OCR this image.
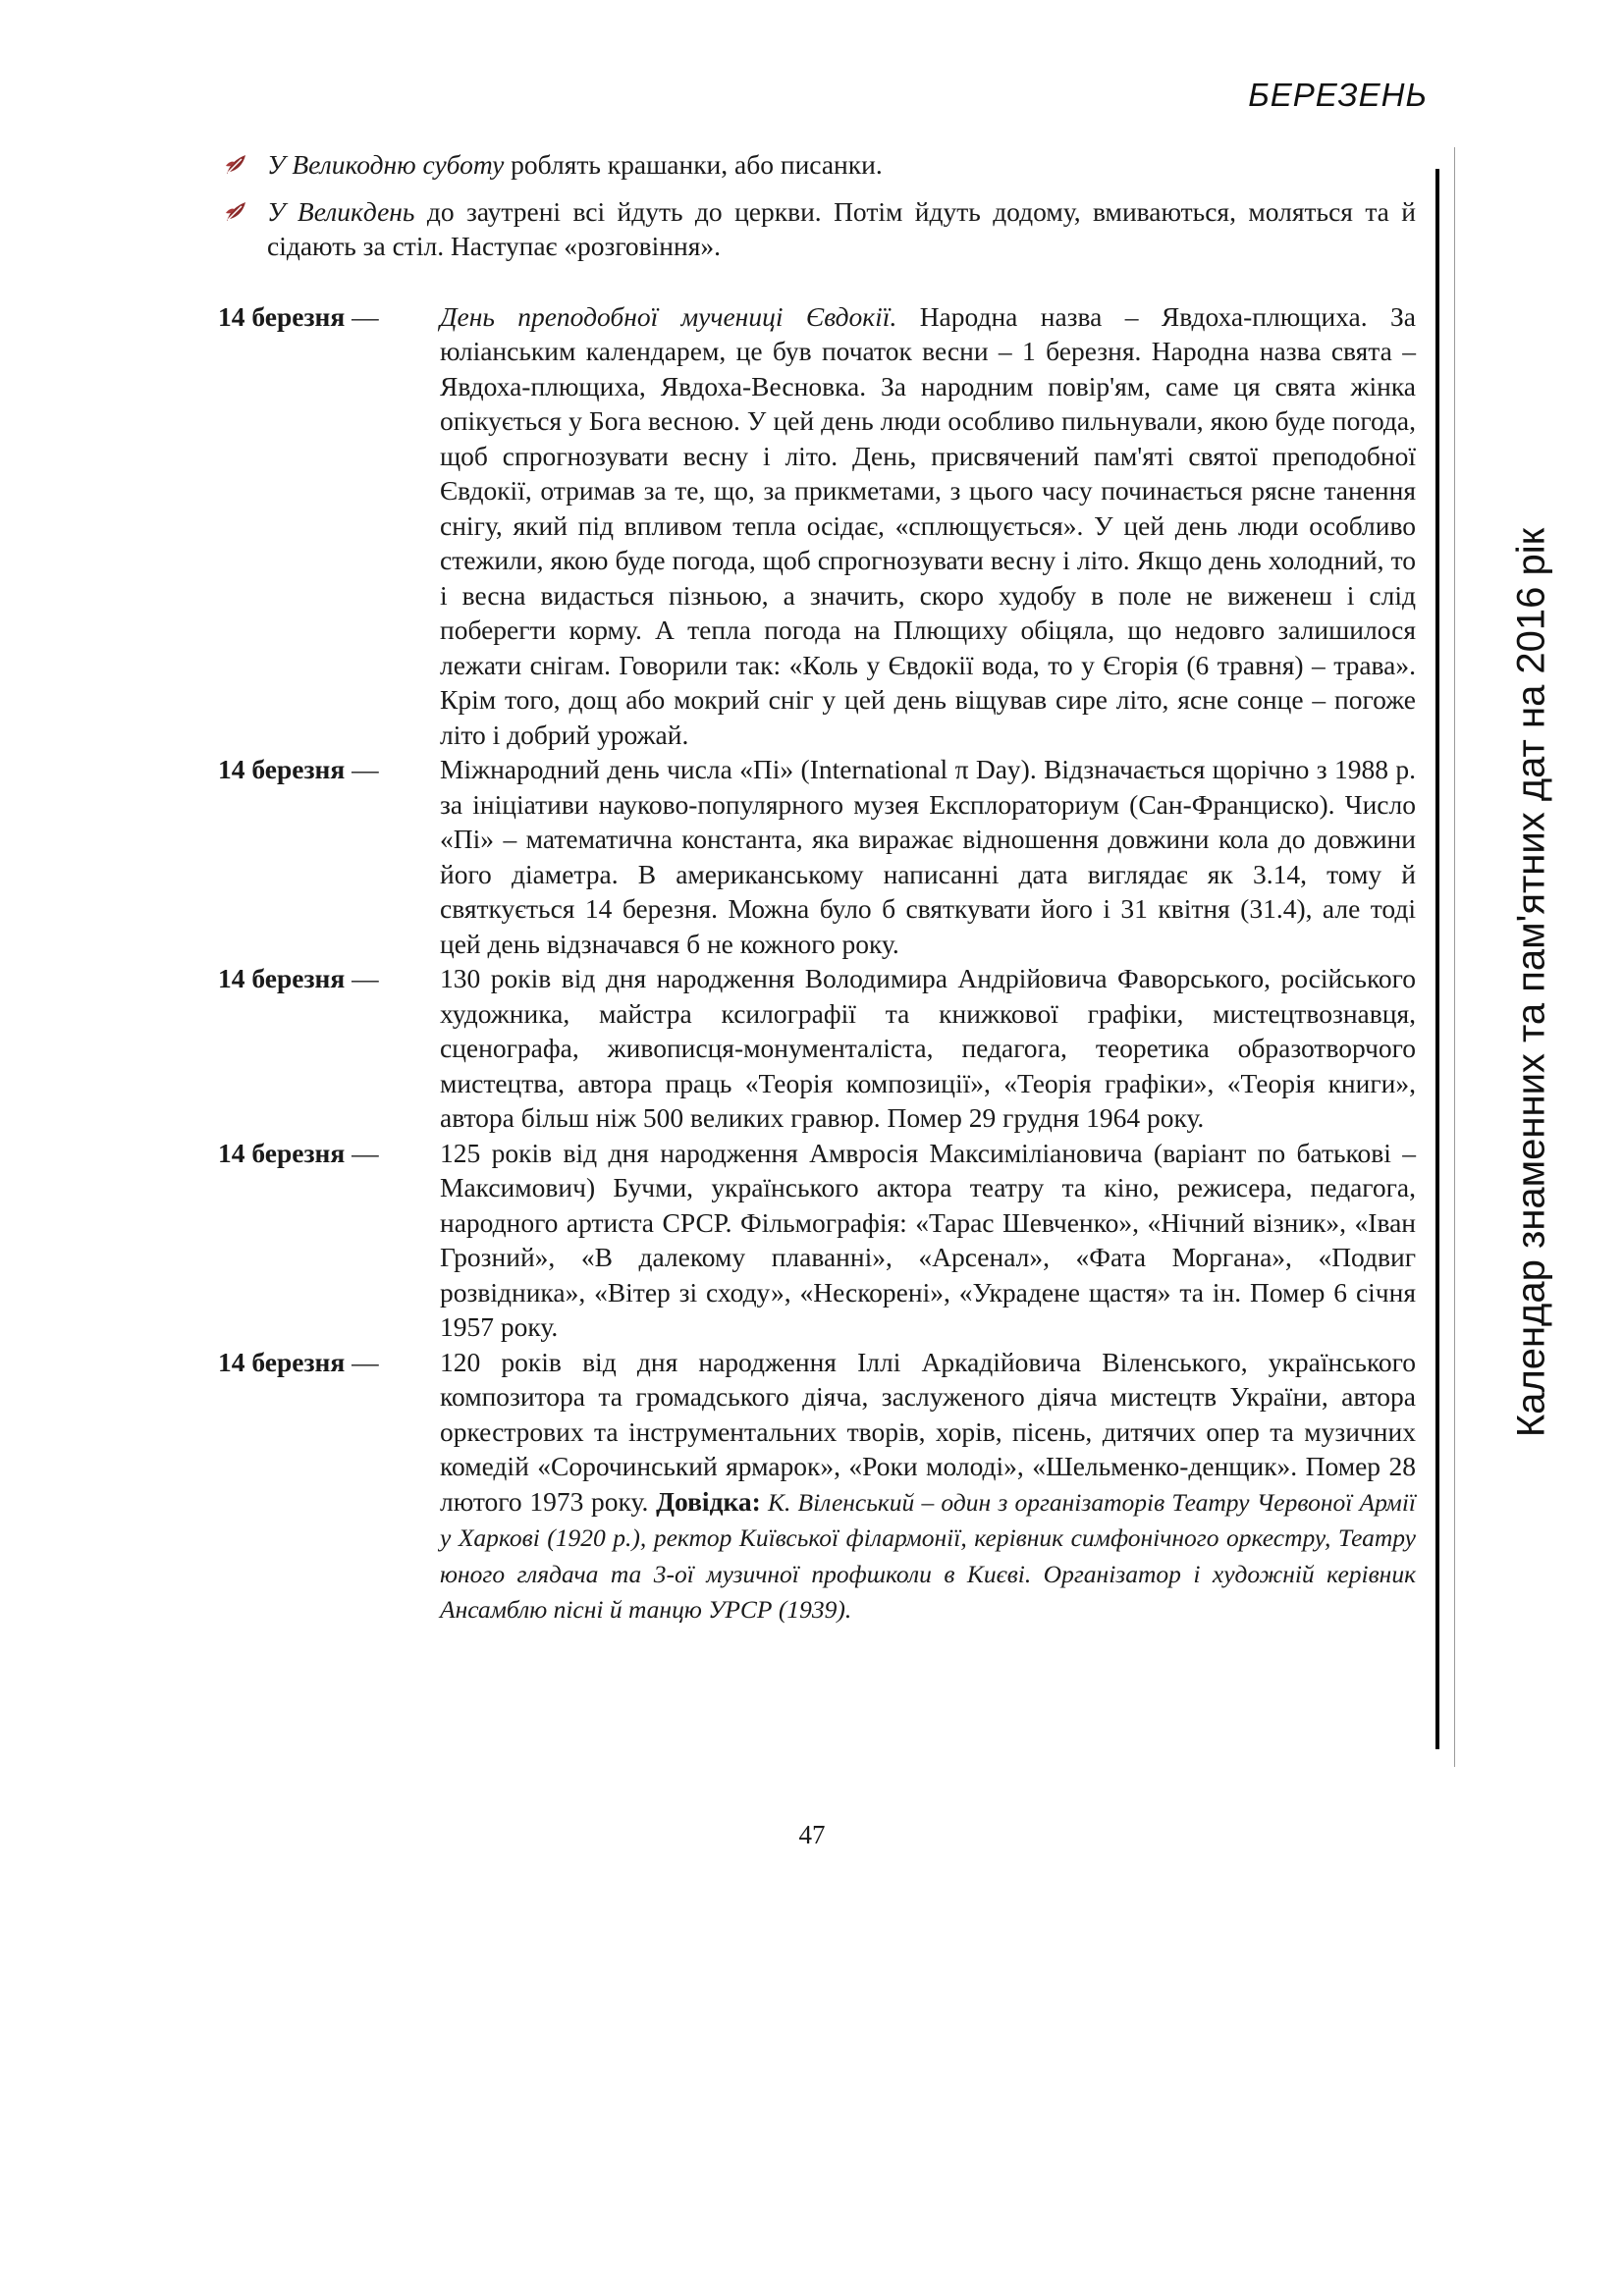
БЕРЕЗЕНЬ
Календар знаменних та пам'ятних дат на 2016 рік
У Великодню суботу роблять крашанки, або писанки.
У Великдень до заутрені всі йдуть до церкви. Потім йдуть додому, вмиваються, моляться та й сідають за стіл. Наступає «розговіння».
14 березня — День преподобної мучениці Євдокії. Народна назва – Явдоха-плющиха. За юліанським календарем, це був початок весни – 1 березня. Народна назва свята – Явдоха-плющиха, Явдоха-Весновка. За народним повір'ям, саме ця свята жінка опікується у Бога весною. У цей день люди особливо пильнували, якою буде погода, щоб спрогнозувати весну і літо. День, присвячений пам'яті святої преподобної Євдокії, отримав за те, що, за прикметами, з цього часу починається рясне танення снігу, який під впливом тепла осідає, «сплющується». У цей день люди особливо стежили, якою буде погода, щоб спрогнозувати весну і літо. Якщо день холодний, то і весна видасться пізньою, а значить, скоро худобу в поле не виженеш і слід поберегти корму. А тепла погода на Плющиху обіцяла, що недовго залишилося лежати снігам. Говорили так: «Коль у Євдокії вода, то у Єгорія (6 травня) – трава». Крім того, дощ або мокрий сніг у цей день віщував сире літо, ясне сонце – погоже літо і добрий урожай.
14 березня — Міжнародний день числа «Пі» (International π Day). Відзначається щорічно з 1988 р. за ініціативи науково-популярного музея Експлораториум (Сан-Франциско). Число «Пі» – математична константа, яка виражає відношення довжини кола до довжини його діаметра. В американському написанні дата виглядає як 3.14, тому й святкується 14 березня. Можна було б святкувати його і 31 квітня (31.4), але тоді цей день відзначався б не кожного року.
14 березня — 130 років від дня народження Володимира Андрійовича Фаворського, російського художника, майстра ксилографії та книжкової графіки, мистецтвознавця, сценографа, живописця-монументаліста, педагога, теоретика образотворчого мистецтва, автора праць «Теорія композиції», «Теорія графіки», «Теорія книги», автора більш ніж 500 великих гравюр. Помер 29 грудня 1964 року.
14 березня — 125 років від дня народження Амвросія Максиміліановича (варіант по батькові – Максимович) Бучми, українського актора театру та кіно, режисера, педагога, народного артиста СРСР. Фільмографія: «Тарас Шевченко», «Нічний візник», «Іван Грозний», «В далекому плаванні», «Арсенал», «Фата Моргана», «Подвиг розвідника», «Вітер зі сходу», «Нескорені», «Украдене щастя» та ін. Помер 6 січня 1957 року.
14 березня — 120 років від дня народження Іллі Аркадійовича Віленського, українського композитора та громадського діяча, заслуженого діяча мистецтв України, автора оркестрових та інструментальних творів, хорів, пісень, дитячих опер та музичних комедій «Сорочинський ярмарок», «Роки молоді», «Шельменко-денщик». Помер 28 лютого 1973 року. Довідка: К. Віленський – один з організаторів Театру Червоної Армії у Харкові (1920 р.), ректор Київської філармонії, керівник симфонічного оркестру, Театру юного глядача та 3-ої музичної профшколи в Києві. Організатор і художній керівник Ансамблю пісні й танцю УРСР (1939).
47
